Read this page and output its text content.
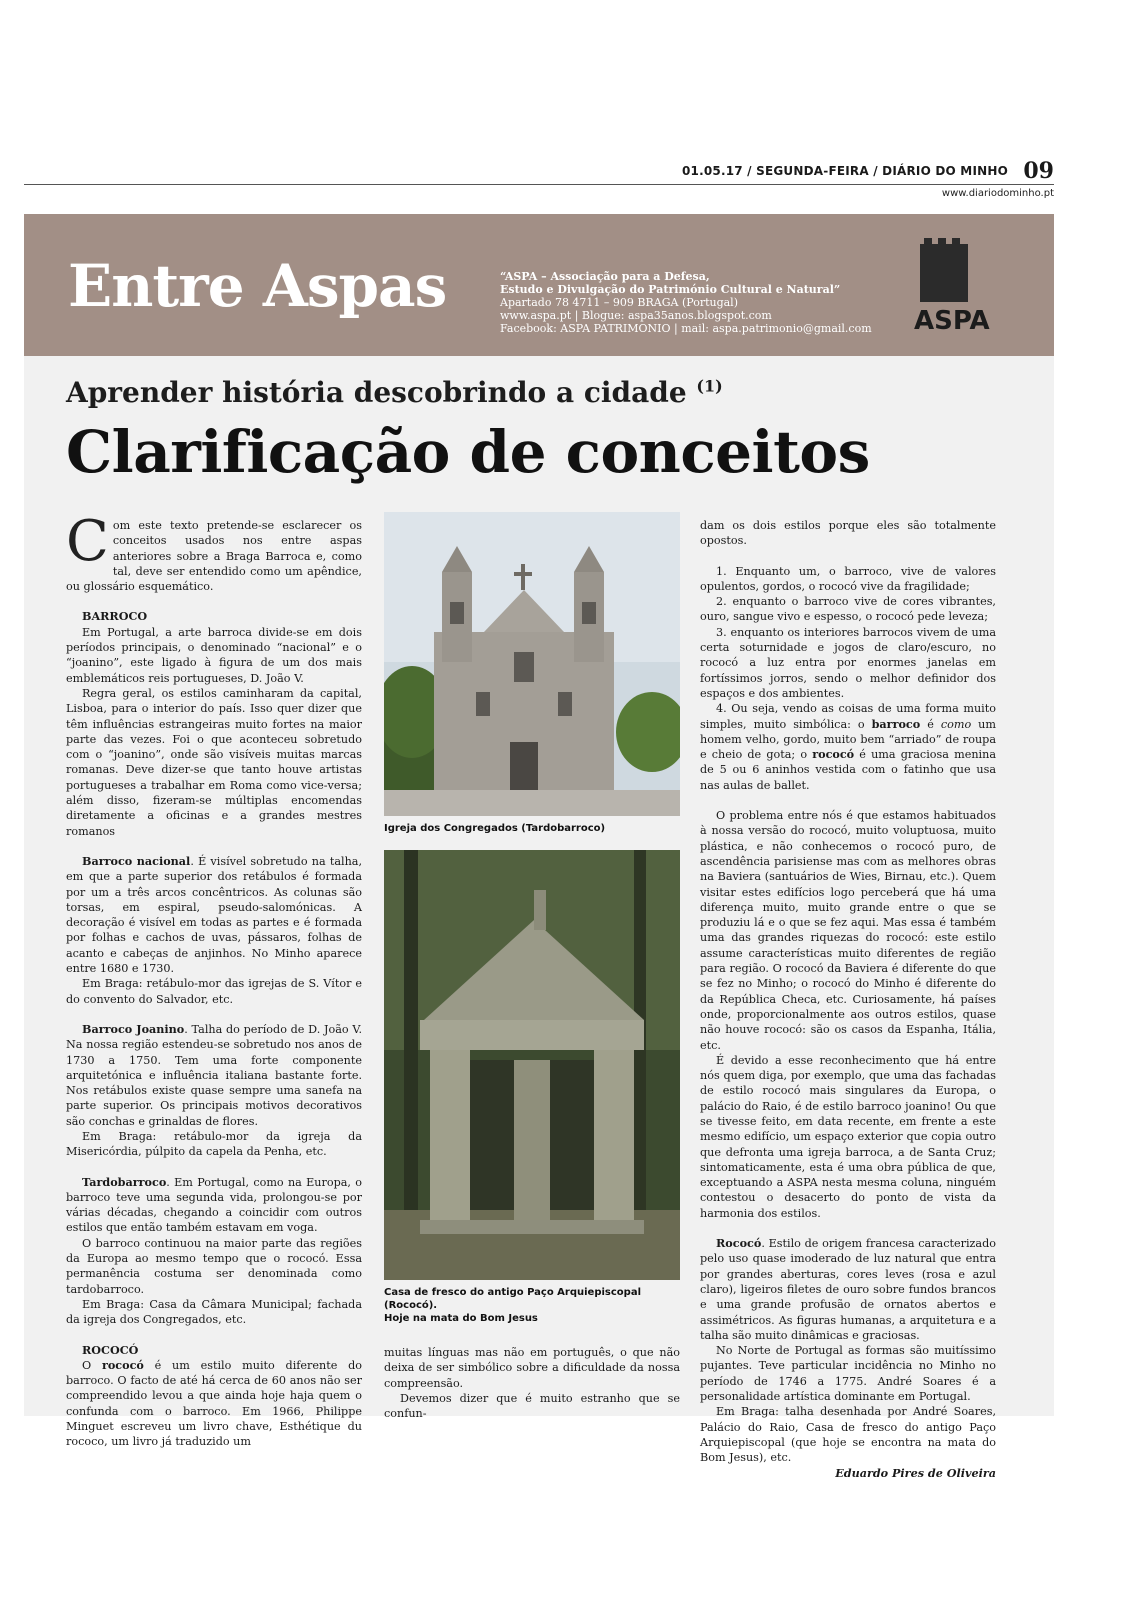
01.05.17 / SEGUNDA-FEIRA / DIÁRIO DO MINHO 09
www.diariodominho.pt
Entre Aspas	“ASPA – Associação para a Defesa,
Estudo e Divulgação do Património Cultural e Natural”
Apartado 78 4711 – 909 BRAGA (Portugal)
www.aspa.pt | Blogue: aspa35anos.blogspot.com
Facebook: ASPA PATRIMONIO | mail: aspa.patrimonio@gmail.com ASPA
Aprender história descobrindo a cidade $^{(1)}$
Clarificação de conceitos

Com este texto pretende-se esclarecer os conceitos usados nos entre aspas anteriores sobre a Braga Barroca e, como tal, deve ser entendido como um apêndice, ou glossário esquemático.

BARROCO

Em Portugal, a arte barroca divide-se em dois períodos principais, o denominado “nacional” e o “joanino”, este ligado à figura de um dos mais emblemáticos reis portugueses, D. João V.

Regra geral, os estilos caminharam da capital, Lisboa, para o interior do país. Isso quer dizer que têm influências estrangeiras muito fortes na maior parte das vezes. Foi o que aconteceu sobretudo com o “joanino”, onde são visíveis muitas marcas romanas. Deve dizer-se que tanto houve artistas portugueses a trabalhar em Roma como vice-versa; além disso, fizeram-se múltiplas encomendas diretamente a oficinas e a grandes mestres romanos

Barroco nacional. É visível sobretudo na talha, em que a parte superior dos retábulos é formada por um a três arcos concêntricos. As colunas são torsas, em espiral, pseudo-salomónicas. A decoração é visível em todas as partes e é formada por folhas e cachos de uvas, pássaros, folhas de acanto e cabeças de anjinhos. No Minho aparece entre 1680 e 1730.

Em Braga: retábulo-mor das igrejas de S. Vítor e do convento do Salvador, etc.

Barroco Joanino. Talha do período de D. João V. Na nossa região estendeu-se sobretudo nos anos de 1730 a 1750. Tem uma forte componente arquitetónica e influência italiana bastante forte. Nos retábulos existe quase sempre uma sanefa na parte superior. Os principais motivos decorativos são conchas e grinaldas de flores.

Em Braga: retábulo-mor da igreja da Misericórdia, púlpito da capela da Penha, etc.

Tardobarroco. Em Portugal, como na Europa, o barroco teve uma segunda vida, prolongou-se por várias décadas, chegando a coincidir com outros estilos que então também estavam em voga.

O barroco continuou na maior parte das regiões da Europa ao mesmo tempo que o rococó. Essa permanência costuma ser denominada como tardobarroco.

Em Braga: Casa da Câmara Municipal; fachada da igreja dos Congregados, etc.

ROCOCÓ

O rococó é um estilo muito diferente do barroco. O facto de até há cerca de 60 anos não ser compreendido levou a que ainda hoje haja quem o confunda com o barroco. Em 1966, Philippe Minguet escreveu um livro chave, Esthétique du rococo, um livro já traduzido um

Igreja dos Congregados (Tardobarroco)
Casa de fresco do antigo Paço Arquiepiscopal (Rococó).
Hoje na mata do Bom Jesus

muitas línguas mas não em português, o que não deixa de ser simbólico sobre a dificuldade da nossa compreensão.

Devemos dizer que é muito estranho que se confun-

dam os dois estilos porque eles são totalmente opostos.

1. Enquanto um, o barroco, vive de valores opulentos, gordos, o rococó vive da fragilidade;

2. enquanto o barroco vive de cores vibrantes, ouro, sangue vivo e espesso, o rococó pede leveza;

3. enquanto os interiores barrocos vivem de uma certa soturnidade e jogos de claro/escuro, no rococó a luz entra por enormes janelas em fortíssimos jorros, sendo o melhor definidor dos espaços e dos ambientes.

4. Ou seja, vendo as coisas de uma forma muito simples, muito simbólica: o barroco é como um homem velho, gordo, muito bem “arriado” de roupa e cheio de gota; o rococó é uma graciosa menina de 5 ou 6 aninhos vestida com o fatinho que usa nas aulas de ballet.

O problema entre nós é que estamos habituados à nossa versão do rococó, muito voluptuosa, muito plástica, e não conhecemos o rococó puro, de ascendência parisiense mas com as melhores obras na Baviera (santuários de Wies, Birnau, etc.). Quem visitar estes edifícios logo perceberá que há uma diferença muito, muito grande entre o que se produziu lá e o que se fez aqui. Mas essa é também uma das grandes riquezas do rococó: este estilo assume características muito diferentes de região para região. O rococó da Baviera é diferente do que se fez no Minho; o rococó do Minho é diferente do da República Checa, etc. Curiosamente, há países onde, proporcionalmente aos outros estilos, quase não houve rococó: são os casos da Espanha, Itália, etc.

É devido a esse reconhecimento que há entre nós quem diga, por exemplo, que uma das fachadas de estilo rococó mais singulares da Europa, o palácio do Raio, é de estilo barroco joanino! Ou que se tivesse feito, em data recente, em frente a este mesmo edifício, um espaço exterior que copia outro que defronta uma igreja barroca, a de Santa Cruz; sintomaticamente, esta é uma obra pública de que, exceptuando a ASPA nesta mesma coluna, ninguém contestou o desacerto do ponto de vista da harmonia dos estilos.

Rococó. Estilo de origem francesa caracterizado pelo uso quase imoderado de luz natural que entra por grandes aberturas, cores leves (rosa e azul claro), ligeiros filetes de ouro sobre fundos brancos e uma grande profusão de ornatos abertos e assimétricos. As figuras humanas, a arquitetura e a talha são muito dinâmicas e graciosas.

No Norte de Portugal as formas são muitíssimo pujantes. Teve particular incidência no Minho no período de 1746 a 1775. André Soares é a personalidade artística dominante em Portugal.

Em Braga: talha desenhada por André Soares, Palácio do Raio, Casa de fresco do antigo Paço Arquiepiscopal (que hoje se encontra na mata do Bom Jesus), etc.

Eduardo Pires de Oliveira
